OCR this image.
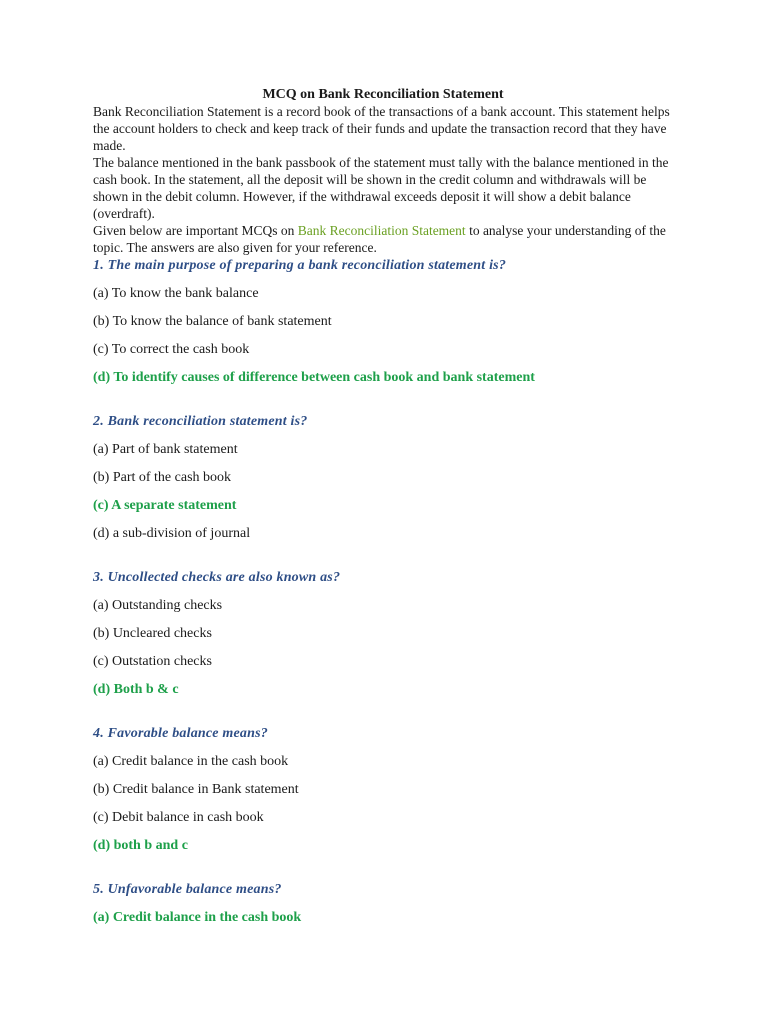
MCQ on Bank Reconciliation Statement

Bank Reconciliation Statement is a record book of the transactions of a bank account. This statement helps the account holders to check and keep track of their funds and update the transaction record that they have made.

The balance mentioned in the bank passbook of the statement must tally with the balance mentioned in the cash book. In the statement, all the deposit will be shown in the credit column and withdrawals will be shown in the debit column. However, if the withdrawal exceeds deposit it will show a debit balance (overdraft).

Given below are important MCQs on Bank Reconciliation Statement to analyse your understanding of the topic. The answers are also given for your reference.

1. The main purpose of preparing a bank reconciliation statement is?

(a) To know the bank balance

(b) To know the balance of bank statement

(c) To correct the cash book

(d) To identify causes of difference between cash book and bank statement

2. Bank reconciliation statement is?

(a) Part of bank statement

(b) Part of the cash book

(c) A separate statement

(d) a sub-division of journal

3. Uncollected checks are also known as?

(a) Outstanding checks

(b) Uncleared checks

(c) Outstation checks

(d) Both b & c

4. Favorable balance means?

(a) Credit balance in the cash book

(b) Credit balance in Bank statement

(c) Debit balance in cash book

(d) both b and c

5. Unfavorable balance means?

(a) Credit balance in the cash book
